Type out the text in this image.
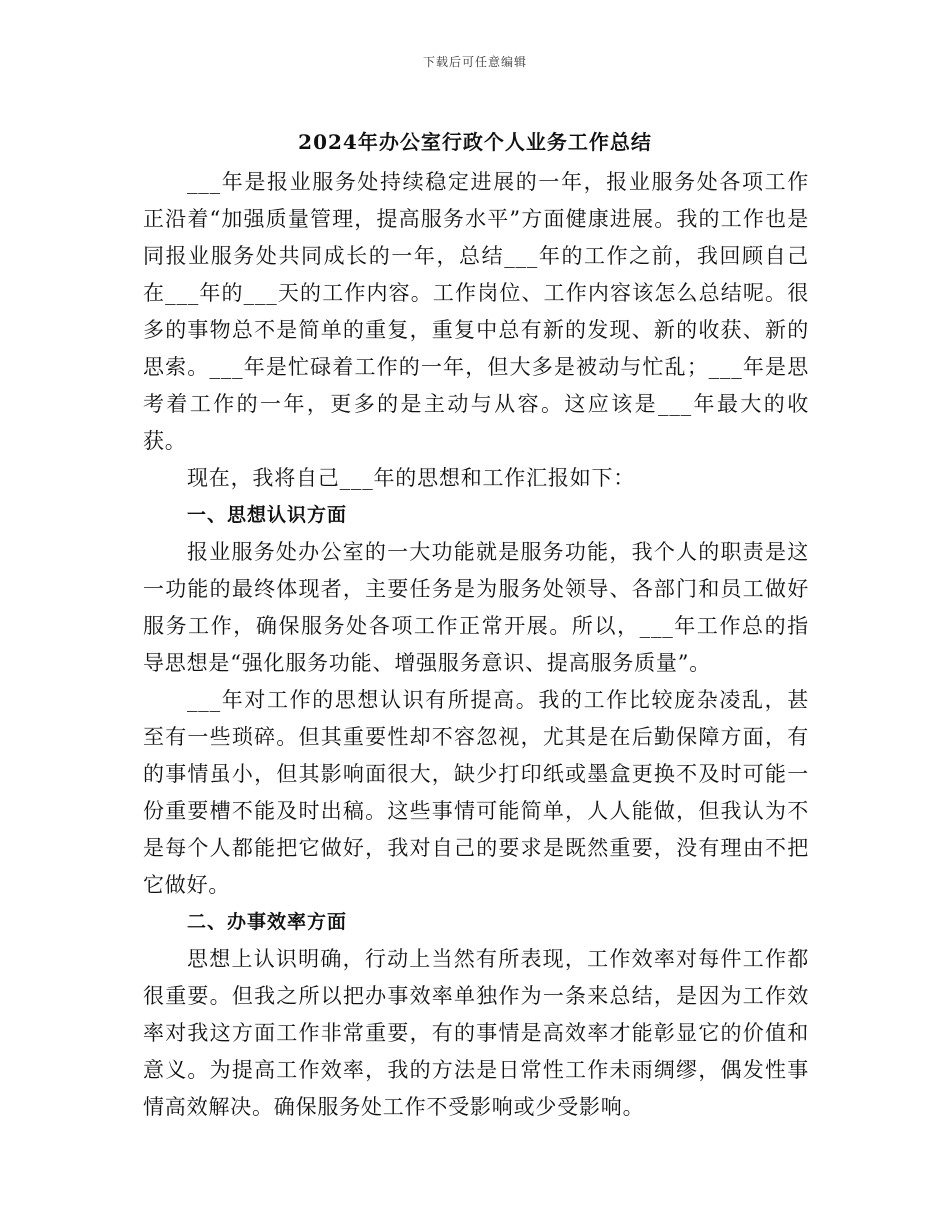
下载后可任意编辑
2024年办公室行政个人业务工作总结

___年是报业服务处持续稳定进展的一年，报业服务处各项工作正沿着“加强质量管理，提高服务水平”方面健康进展。我的工作也是同报业服务处共同成长的一年，总结___年的工作之前，我回顾自己在___年的___天的工作内容。工作岗位、工作内容该怎么总结呢。很多的事物总不是简单的重复，重复中总有新的发现、新的收获、新的思索。___年是忙碌着工作的一年，但大多是被动与忙乱；___年是思考着工作的一年，更多的是主动与从容。这应该是___年最大的收获。

现在，我将自己___年的思想和工作汇报如下：

一、思想认识方面

报业服务处办公室的一大功能就是服务功能，我个人的职责是这一功能的最终体现者，主要任务是为服务处领导、各部门和员工做好服务工作，确保服务处各项工作正常开展。所以，___年工作总的指导思想是“强化服务功能、增强服务意识、提高服务质量”。

___年对工作的思想认识有所提高。我的工作比较庞杂凌乱，甚至有一些琐碎。但其重要性却不容忽视，尤其是在后勤保障方面，有的事情虽小，但其影响面很大，缺少打印纸或墨盒更换不及时可能一份重要槽不能及时出稿。这些事情可能简单，人人能做，但我认为不是每个人都能把它做好，我对自己的要求是既然重要，没有理由不把它做好。

二、办事效率方面

思想上认识明确，行动上当然有所表现，工作效率对每件工作都很重要。但我之所以把办事效率单独作为一条来总结，是因为工作效率对我这方面工作非常重要，有的事情是高效率才能彰显它的价值和意义。为提高工作效率，我的方法是日常性工作未雨绸缪，偶发性事情高效解决。确保服务处工作不受影响或少受影响。
